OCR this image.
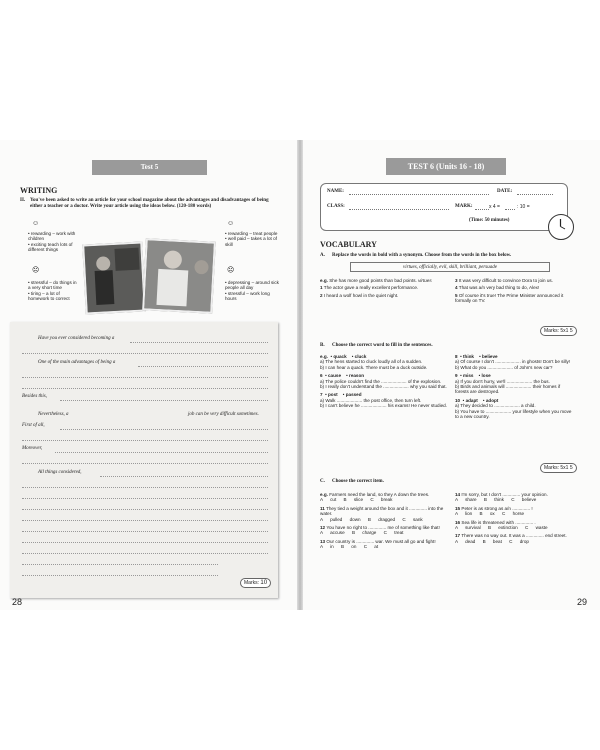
Test 5
WRITING
II. You've been asked to write an article for your school magazine about the advantages and disadvantages of being either a teacher or a doctor. Write your article using the ideas below. (120-180 words)
☺
• rewarding – work with children
• exciting teach lots of different things
☹
• stressful – do things in a very short time
• tiring – a lot of homework to correct
☺
• rewarding – treat people
• well paid – takes a lot of skill
☹
• depressing – around sick people all day
• stressful – work long hours
Have you ever considered becoming a
One of the main advantages of being a
Besides this,
Nevertheless, a	job can be very difficult sometimes.
First of all,
Moreover,
All things considered,
Marks: 10
28
TEST 6 (Units 16 - 18)
NAME:	DATE:
CLASS:	MARK:	x 4 =	: 10 =
(Time: 50 minutes)
VOCABULARY
A. Replace the words in bold with a synonym. Choose from the words in the box below.
virtues, officially, evil, skill, brilliant, persuade
e.g. She has more good points than bad points. virtues
1 The actor gave a really excellent performance.
2 I heard a wolf howl in the quiet night.
3 It was very difficult to convince Dora to join us.
4 That was a/n very bad thing to do, Alex!
5 Of course it's true! The Prime Minister announced it formally on TV.
Marks: 5x1 5
B. Choose the correct word to fill in the sentences.
e.g.  • quack    • cluck
a) The hens started to cluck loudly all of a sudden.
b) I can hear a quack. There must be a duck outside.
6  • cause    • reason
a) The police couldn't find the .................... of the explosion.
b) I really don't understand the .................... why you said that.
7  • post    • passed
a) Walk .................... the post office, then turn left.
b) I can't believe he .................... his exams! He never studied.
8  • think    • believe
a) Of course I don't .................... in ghosts! Don't be silly!
b) What do you .................... of John's new car?
9  • miss    • lose
a) If you don't hurry, we'll .................... the bus.
b) Birds and animals will .................... their homes if forests are destroyed.
10  • adapt    • adopt
a) They decided to .................... a child.
b) You have to .................... your lifestyle when you move to a new country.
Marks: 5x1 5
C. Choose the correct item.
e.g. Farmers need the land, so they A down the trees.
A cut B slice C break
11 They tied a weight around the box and it .............. into the water.
A pulled down B dragged C sank
12 You have no right to .............. me of something like that!
A accuse B charge C treat
13 Our country is .............. war. We must all go and fight!
A in B on C at
14 I'm sorry, but I don't .............. your opinion.
A share B think C believe
15 Peter is as strong as a/n .............. !
A lion B ox C horse
16 Sea life is threatened with .............. .
A survival B extinction C waste
17 There was no way out. It was a .............. end street.
A dead B beat C drop
29
